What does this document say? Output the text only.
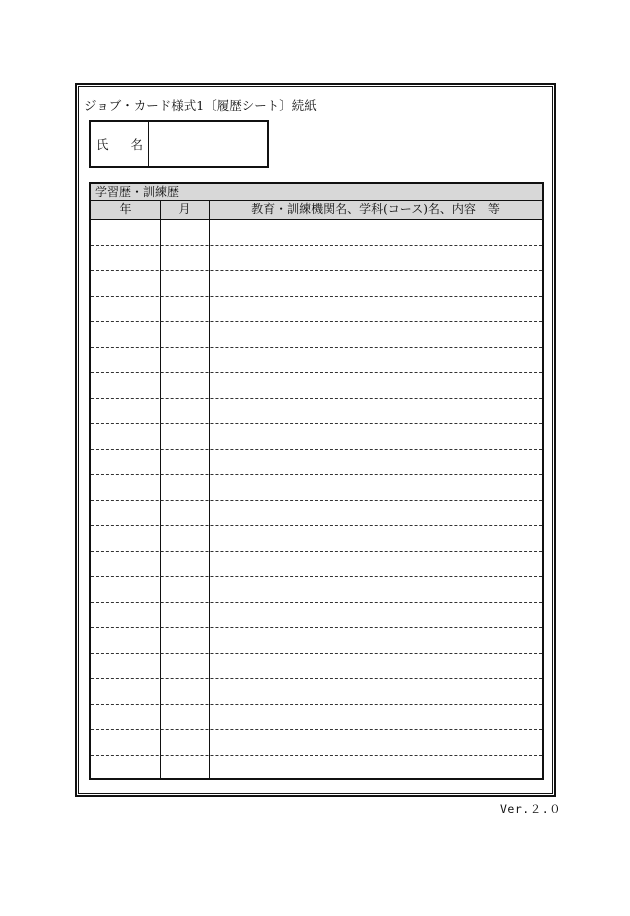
ジョブ・カード様式1〔履歴シート〕続紙
氏名
学習歴・訓練歴
年	月	教育・訓練機関名、学科(コース)名、内容　等
Ver.２.０
